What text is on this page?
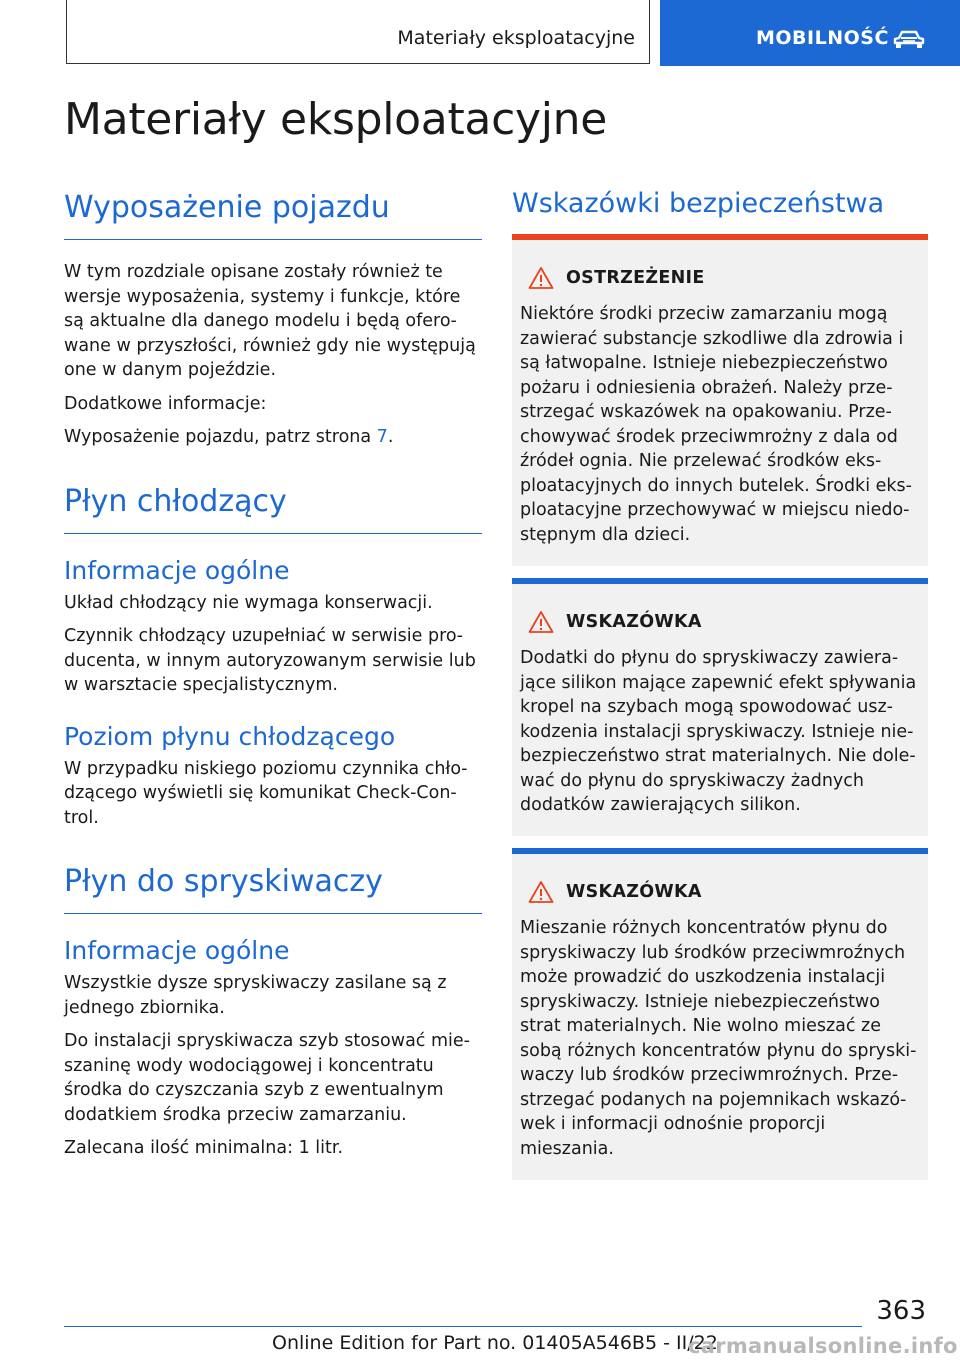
Materiały eksploatacyjne	MOBILNOŚĆ
Materiały eksploatacyjne
Wyposażenie pojazdu

W tym rozdziale opisane zostały również te wersje wyposażenia, systemy i funkcje, które są aktualne dla danego modelu i będą oferowane w przyszłości, również gdy nie występują one w danym pojeździe.

Dodatkowe informacje:

Wyposażenie pojazdu, patrz strona 7.

Płyn chłodzący
Informacje ogólne

Układ chłodzący nie wymaga konserwacji.

Czynnik chłodzący uzupełniać w serwisie producenta, w innym autoryzowanym serwisie lub w warsztacie specjalistycznym.

Poziom płynu chłodzącego

W przypadku niskiego poziomu czynnika chłodzącego wyświetli się komunikat Check-Control.

Płyn do spryskiwaczy
Informacje ogólne

Wszystkie dysze spryskiwaczy zasilane są z jednego zbiornika.

Do instalacji spryskiwacza szyb stosować mieszaninę wody wodociągowej i koncentratu środka do czyszczania szyb z ewentualnym dodatkiem środka przeciw zamarzaniu.

Zalecana ilość minimalna: 1 litr.

Wskazówki bezpieczeństwa
OSTRZEŻENIE

Niektóre środki przeciw zamarzaniu mogą zawierać substancje szkodliwe dla zdrowia i są łatwopalne. Istnieje niebezpieczeństwo pożaru i odniesienia obrażeń. Należy przestrzegać wskazówek na opakowaniu. Przechowywać środek przeciwmrożny z dala od źródeł ognia. Nie przelewać środków eksploatacyjnych do innych butelek. Środki eksploatacyjne przechowywać w miejscu niedostępnym dla dzieci.

WSKAZÓWKA

Dodatki do płynu do spryskiwaczy zawierające silikon mające zapewnić efekt spływania kropel na szybach mogą spowodować uszkodzenia instalacji spryskiwaczy. Istnieje niebezpieczeństwo strat materialnych. Nie dolewać do płynu do spryskiwaczy żadnych dodatków zawierających silikon.

WSKAZÓWKA

Mieszanie różnych koncentratów płynu do spryskiwaczy lub środków przeciwmroźnych może prowadzić do uszkodzenia instalacji spryskiwaczy. Istnieje niebezpieczeństwo strat materialnych. Nie wolno mieszać ze sobą różnych koncentratów płynu do spryskiwaczy lub środków przeciwmroźnych. Przestrzegać podanych na pojemnikach wskazówek i informacji odnośnie proporcji mieszania.

363
Online Edition for Part no. 01405A546B5 - II/22
carmanualsonline.info
